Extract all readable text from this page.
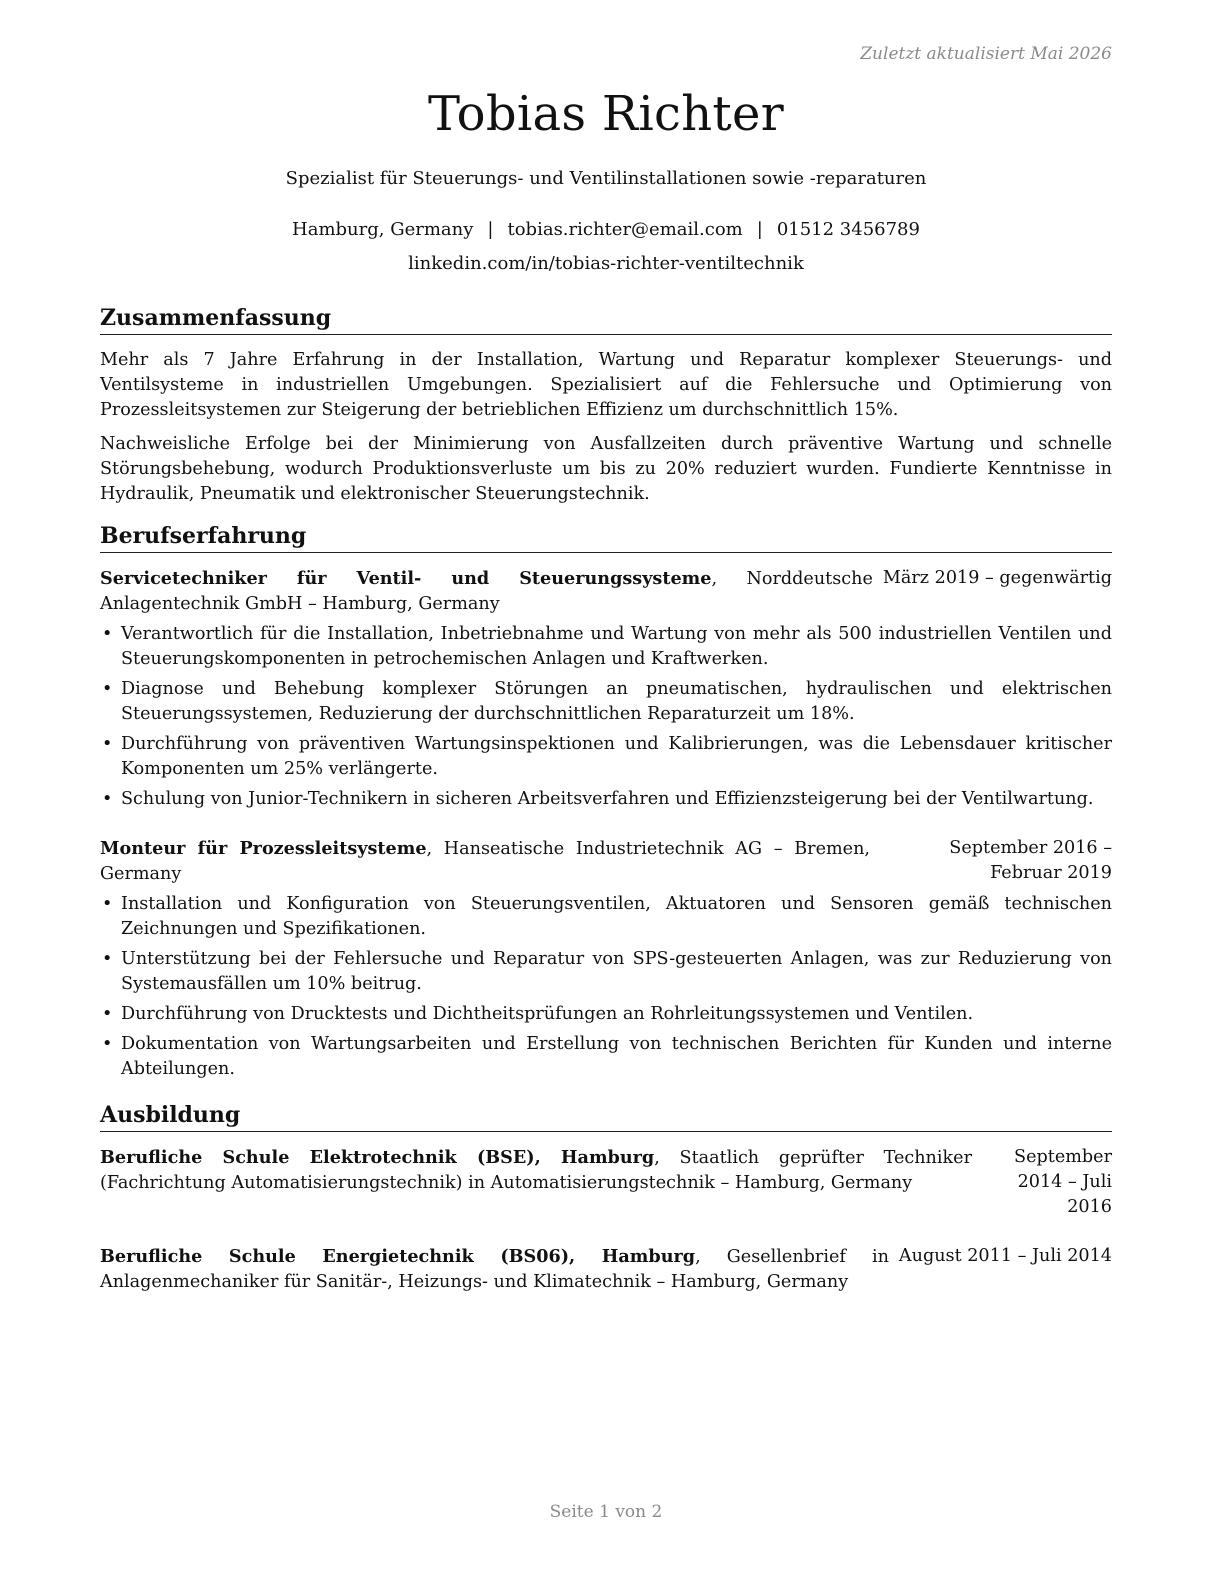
Zuletzt aktualisiert Mai 2026
Tobias Richter
Spezialist für Steuerungs- und Ventilinstallationen sowie -reparaturen
Hamburg, Germany | tobias.richter@email.com | 01512 3456789
linkedin.com/in/tobias-richter-ventiltechnik
Zusammenfassung

Mehr als 7 Jahre Erfahrung in der Installation, Wartung und Reparatur komplexer Steuerungs- und Ventilsysteme in industriellen Umgebungen. Spezialisiert auf die Fehlersuche und Optimierung von Prozessleitsystemen zur Steigerung der betrieblichen Effizienz um durchschnittlich 15%.

Nachweisliche Erfolge bei der Minimierung von Ausfallzeiten durch präventive Wartung und schnelle Störungsbehebung, wodurch Produktionsverluste um bis zu 20% reduziert wurden. Fundierte Kenntnisse in Hydraulik, Pneumatik und elektronischer Steuerungstechnik.

Berufserfahrung
Servicetechniker für Ventil- und Steuerungssysteme, Norddeutsche Anlagentechnik GmbH – Hamburg, Germany
März 2019 – gegenwärtig
• Verantwortlich für die Installation, Inbetriebnahme und Wartung von mehr als 500 industriellen Ventilen und Steuerungskomponenten in petrochemischen Anlagen und Kraftwerken.
• Diagnose und Behebung komplexer Störungen an pneumatischen, hydraulischen und elektrischen Steuerungssystemen, Reduzierung der durchschnittlichen Reparaturzeit um 18%.
• Durchführung von präventiven Wartungsinspektionen und Kalibrierungen, was die Lebensdauer kritischer Komponenten um 25% verlängerte.
• Schulung von Junior-Technikern in sicheren Arbeitsverfahren und Effizienzsteigerung bei der Ventilwartung.
Monteur für Prozessleitsysteme, Hanseatische Industrietechnik AG – Bremen, Germany
September 2016 – Februar 2019
• Installation und Konfiguration von Steuerungsventilen, Aktuatoren und Sensoren gemäß technischen Zeichnungen und Spezifikationen.
• Unterstützung bei der Fehlersuche und Reparatur von SPS-gesteuerten Anlagen, was zur Reduzierung von Systemausfällen um 10% beitrug.
• Durchführung von Drucktests und Dichtheitsprüfungen an Rohrleitungssystemen und Ventilen.
• Dokumentation von Wartungsarbeiten und Erstellung von technischen Berichten für Kunden und interne Abteilungen.
Ausbildung
Berufliche Schule Elektrotechnik (BSE), Hamburg, Staatlich geprüfter Techniker (Fachrichtung Automatisierungstechnik) in Automatisierungstechnik – Hamburg, Germany
September 2014 – Juli 2016
Berufliche Schule Energietechnik (BS06), Hamburg, Gesellenbrief in Anlagenmechaniker für Sanitär-, Heizungs- und Klimatechnik – Hamburg, Germany
August 2011 – Juli 2014
Seite 1 von 2
